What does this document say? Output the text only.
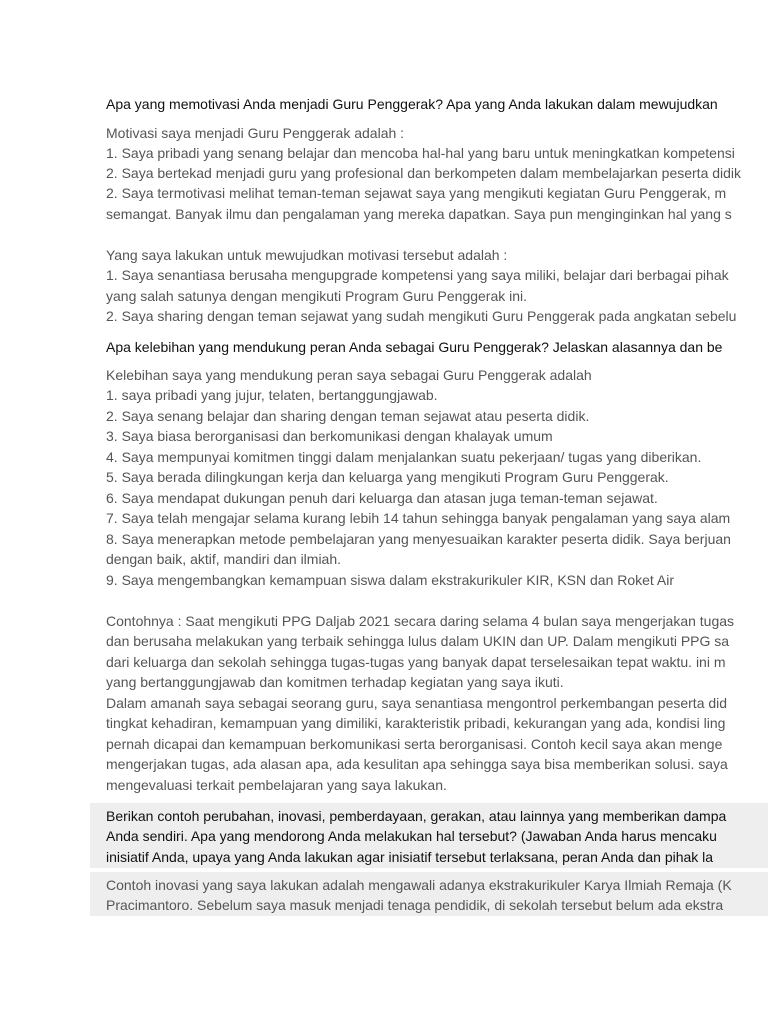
Apa yang memotivasi Anda menjadi Guru Penggerak? Apa yang Anda lakukan dalam mewujudkan
Motivasi saya menjadi Guru Penggerak adalah :
1. Saya pribadi yang senang belajar dan mencoba hal-hal yang baru untuk meningkatkan kompetensi
2. Saya bertekad menjadi guru yang profesional dan berkompeten dalam membelajarkan peserta didik
2. Saya termotivasi melihat teman-teman sejawat saya yang mengikuti kegiatan Guru Penggerak, m
semangat. Banyak ilmu dan pengalaman yang mereka dapatkan. Saya pun menginginkan hal yang s
Yang saya lakukan untuk mewujudkan motivasi tersebut adalah :
1. Saya senantiasa berusaha mengupgrade kompetensi yang saya miliki, belajar dari berbagai pihak
yang salah satunya dengan mengikuti Program Guru Penggerak ini.
2. Saya sharing dengan teman sejawat yang sudah mengikuti Guru Penggerak pada angkatan sebelu
Apa kelebihan yang mendukung peran Anda sebagai Guru Penggerak? Jelaskan alasannya dan be
Kelebihan saya yang mendukung peran saya sebagai Guru Penggerak adalah
1. saya pribadi yang jujur, telaten, bertanggungjawab.
2. Saya senang belajar dan sharing dengan teman sejawat atau peserta didik.
3. Saya biasa berorganisasi dan berkomunikasi dengan khalayak umum
4. Saya mempunyai komitmen tinggi dalam menjalankan suatu pekerjaan/ tugas yang diberikan.
5. Saya berada dilingkungan kerja dan keluarga yang mengikuti Program Guru Penggerak.
6. Saya mendapat dukungan penuh dari keluarga dan atasan juga teman-teman sejawat.
7. Saya telah mengajar selama kurang lebih 14 tahun sehingga banyak pengalaman yang saya alam
8. Saya menerapkan metode pembelajaran yang menyesuaikan karakter peserta didik. Saya berjuan
dengan baik, aktif, mandiri dan ilmiah.
9. Saya mengembangkan kemampuan siswa dalam ekstrakurikuler KIR, KSN dan Roket Air
Contohnya : Saat mengikuti PPG Daljab 2021 secara daring selama 4 bulan saya mengerjakan tugas
dan berusaha melakukan yang terbaik sehingga lulus dalam UKIN dan UP. Dalam mengikuti PPG sa
dari keluarga dan sekolah sehingga tugas-tugas yang banyak dapat terselesaikan tepat waktu. ini m
yang bertanggungjawab dan komitmen terhadap kegiatan yang saya ikuti.
Dalam amanah saya sebagai seorang guru, saya senantiasa mengontrol perkembangan peserta did
tingkat kehadiran, kemampuan yang dimiliki, karakteristik pribadi, kekurangan yang ada, kondisi ling
pernah dicapai dan kemampuan berkomunikasi serta berorganisasi. Contoh kecil saya akan menge
mengerjakan tugas, ada alasan apa, ada kesulitan apa sehingga saya bisa memberikan solusi. saya
mengevaluasi terkait pembelajaran yang saya lakukan.
Berikan contoh perubahan, inovasi, pemberdayaan, gerakan, atau lainnya yang memberikan dampa
Anda sendiri. Apa yang mendorong Anda melakukan hal tersebut? (Jawaban Anda harus mencaku
inisiatif Anda, upaya yang Anda lakukan agar inisiatif tersebut terlaksana, peran Anda dan pihak la
Contoh inovasi yang saya lakukan adalah mengawali adanya ekstrakurikuler Karya Ilmiah Remaja (K
Pracimantoro. Sebelum saya masuk menjadi tenaga pendidik, di sekolah tersebut belum ada ekstra
